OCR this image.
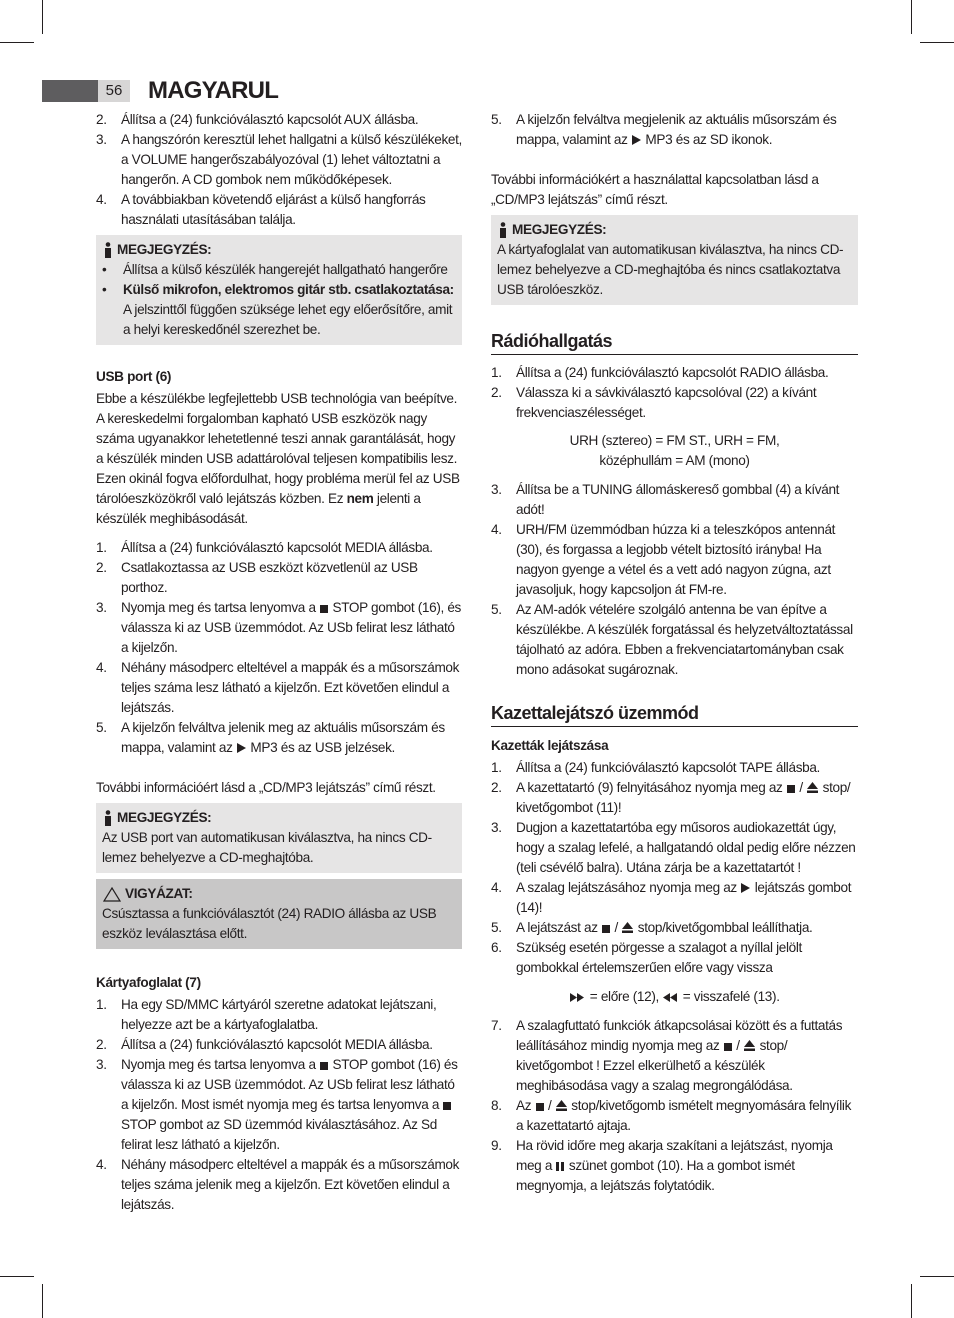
56	MAGYARUL
2. Állítsa a (24) funkcióválasztó kapcsolót AUX állásba.
3. A hangszórón keresztül lehet hallgatni a külső készülékeket, a VOLUME hangerőszabályozóval (1) lehet változtatni a hangerőn. A CD gombok nem működőképesek.
4. A továbbiakban követendő eljárást a külső hangforrás használati utasításában találja.
MEGJEGYZÉS:
• Állítsa a külső készülék hangerejét hallgatható hangerőre
• Külső mikrofon, elektromos gitár stb. csatlakoztatása:
A jelszinttől függően szüksége lehet egy előerősítőre, amit a helyi kereskedőnél szerezhet be.

USB port (6)

Ebbe a készülékbe legfejlettebb USB technológia van beépítve. A kereskedelmi forgalomban kapható USB eszközök nagy száma ugyanakkor lehetetlenné teszi annak garantálását, hogy a készülék minden USB adattárolóval teljesen kompatibilis lesz. Ezen okinál fogva előfordulhat, hogy probléma merül fel az USB tárolóeszközökről való lejátszás közben. Ez nem jelenti a készülék meghibásodását.

1. Állítsa a (24) funkcióválasztó kapcsolót MEDIA állásba.
2. Csatlakoztassa az USB eszközt közvetlenül az USB porthoz.
3. Nyomja meg és tartsa lenyomva a  STOP gombot (16), és válassza ki az USB üzemmódot. Az USb felirat lesz látható a kijelzőn.
4. Néhány másodperc elteltével a mappák és a műsorszámok teljes száma lesz látható a kijelzőn. Ezt követően elindul a lejátszás.
5. A kijelzőn felváltva jelenik meg az aktuális műsorszám és mappa, valamint az  MP3 és az USB jelzések.

További információért lásd a „CD/MP3 lejátszás” című részt.

MEGJEGYZÉS:

Az USB port van automatikusan kiválasztva, ha nincs CD-lemez behelyezve a CD-meghajtóba.

VIGYÁZAT:

Csúsztassa a funkcióválasztót (24) RADIO állásba az USB eszköz leválasztása előtt.

Kártyafoglalat (7)

1. Ha egy SD/MMC kártyáról szeretne adatokat lejátszani, helyezze azt be a kártyafoglalatba.
2. Állítsa a (24) funkcióválasztó kapcsolót MEDIA állásba.
3. Nyomja meg és tartsa lenyomva a  STOP gombot (16) és válassza ki az USB üzemmódot. Az USb felirat lesz látható a kijelzőn. Most ismét nyomja meg és tartsa lenyomva a  STOP gombot az SD üzemmód kiválasztásához. Az Sd felirat lesz látható a kijelzőn.
4. Néhány másodperc elteltével a mappák és a műsorszámok teljes száma jelenik meg a kijelzőn. Ezt követően elindul a lejátszás.
5. A kijelzőn felváltva megjelenik az aktuális műsorszám és mappa, valamint az  MP3 és az SD ikonok.

További információkért a használattal kapcsolatban lásd a „CD/MP3 lejátszás” című részt.

MEGJEGYZÉS:

A kártyafoglalat van automatikusan kiválasztva, ha nincs CD-lemez behelyezve a CD-meghajtóba és nincs csatlakoztatva USB tárolóeszköz.

Rádióhallgatás
1. Állítsa a (24) funkcióválasztó kapcsolót RADIO állásba.
2. Válassza ki a sávkiválasztó kapcsolóval (22) a kívánt frekvenciaszélességet.

URH (sztereo) = FM ST., URH = FM,

középhullám = AM (mono)

3. Állítsa be a TUNING állomáskereső gombbal (4) a kívánt adót!
4. URH/FM üzemmódban húzza ki a teleszkópos antennát (30), és forgassa a legjobb vételt biztosító irányba! Ha nagyon gyenge a vétel és a vett adó nagyon zúgna, azt javasoljuk, hogy kapcsoljon át FM-re.
5. Az AM-adók vételére szolgáló antenna be van építve a készülékbe. A készülék forgatással és helyzetváltoztatással tájolható az adóra. Ebben a frekvenciatartományban csak mono adásokat sugároznak.
Kazettalejátszó üzemmód

Kazetták lejátszása

1. Állítsa a (24) funkcióválasztó kapcsolót TAPE állásba.
2. A kazettatartó (9) felnyitásához nyomja meg az  /  stop/ kivetőgombot (11)!
3. Dugjon a kazettatartóba egy műsoros audiokazettát úgy, hogy a szalag lefelé, a hallgatandó oldal pedig előre nézzen (teli csévélő balra). Utána zárja be a kazettatartót !
4. A szalag lejátszásához nyomja meg az  lejátszás gombot (14)!
5. A lejátszást az  /  stop/kivetőgombbal leállíthatja.
6. Szükség esetén pörgesse a szalagot a nyíllal jelölt gombokkal értelemszerűen előre vagy vissza

= előre (12),  = visszafelé (13).

7. A szalagfuttató funkciók átkapcsolásai között és a futtatás leállításához mindig nyomja meg az  /  stop/ kivetőgombot ! Ezzel elkerülhető a készülék meghibásodása vagy a szalag megrongálódása.
8. Az  /  stop/kivetőgomb ismételt megnyomására felnyílik a kazettatartó ajtaja.
9. Ha rövid időre meg akarja szakítani a lejátszást, nyomja meg a  szünet gombot (10). Ha a gombot ismét megnyomja, a lejátszás folytatódik.
